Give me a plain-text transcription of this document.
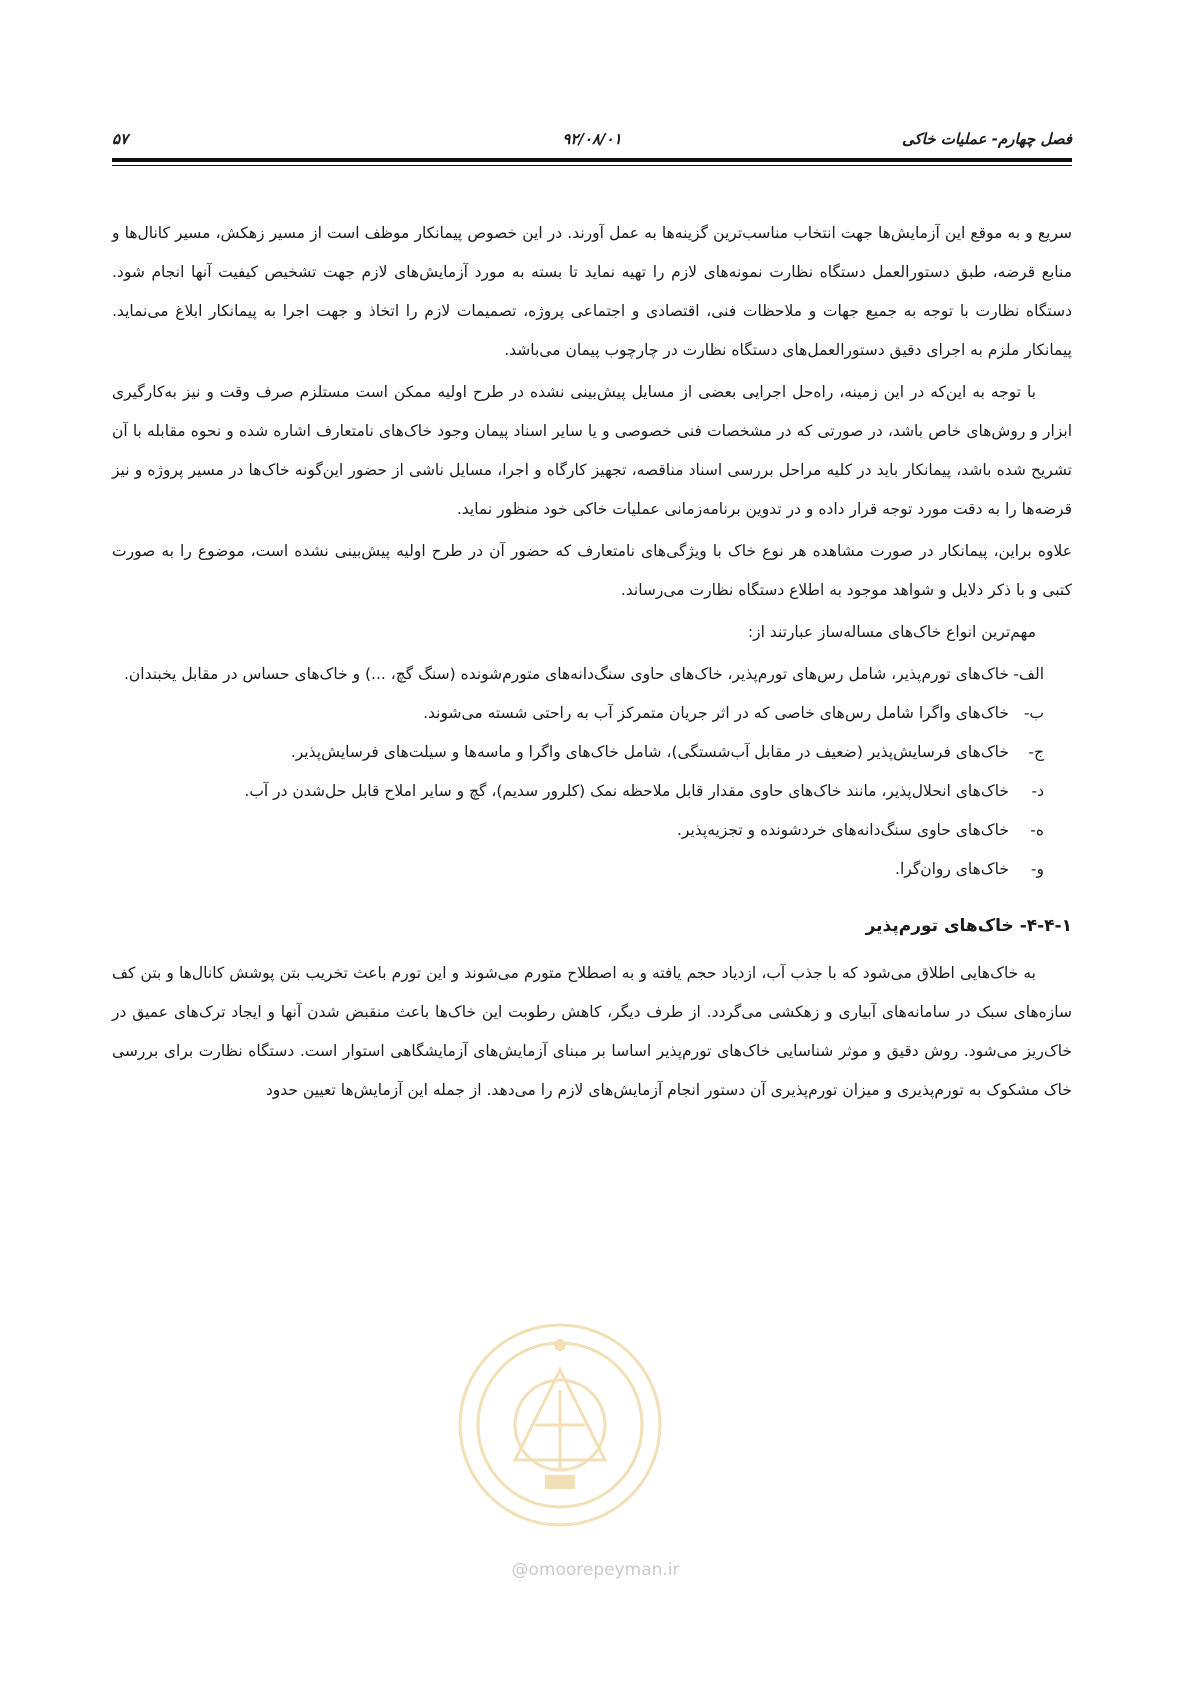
فصل چهارم- عملیات خاکی
۹۲/۰۸/۰۱
۵۷

سریع و به موقع این آزمایش‌ها جهت انتخاب مناسب‌ترین گزینه‌ها به عمل آورند. در این خصوص پیمانکار موظف است از مسیر زهکش، مسیر کانال‌ها و منابع قرضه، طبق دستورالعمل دستگاه نظارت نمونه‌های لازم را تهیه نماید تا بسته به مورد آزمایش‌های لازم جهت تشخیص کیفیت آنها انجام شود. دستگاه نظارت با توجه به جمیع جهات و ملاحظات فنی، اقتصادی و اجتماعی پروژه، تصمیمات لازم را اتخاذ و جهت اجرا به پیمانکار ابلاغ می‌نماید. پیمانکار ملزم به اجرای دقیق دستورالعمل‌های دستگاه نظارت در چارچوب پیمان می‌باشد.

با توجه به این‌که در این زمینه، راه‌حل اجرایی بعضی از مسایل پیش‌بینی نشده در طرح اولیه ممکن است مستلزم صرف وقت و نیز به‌کارگیری ابزار و روش‌های خاص باشد، در صورتی که در مشخصات فنی خصوصی و یا سایر اسناد پیمان وجود خاک‌های نامتعارف اشاره شده و نحوه مقابله با آن تشریح شده باشد، پیمانکار باید در کلیه مراحل بررسی اسناد مناقصه، تجهیز کارگاه و اجرا، مسایل ناشی از حضور این‌گونه خاک‌ها در مسیر پروژه و نیز قرضه‌ها را به دقت مورد توجه قرار داده و در تدوین برنامه‌زمانی عملیات خاکی خود منظور نماید.

علاوه براین، پیمانکار در صورت مشاهده هر نوع خاک با ویژگی‌های نامتعارف که حضور آن در طرح اولیه پیش‌بینی نشده است، موضوع را به صورت کتبی و با ذکر دلایل و شواهد موجود به اطلاع دستگاه نظارت می‌رساند.

مهم‌ترین انواع خاک‌های مساله‌ساز عبارتند از:

الف-
خاک‌های تورم‌پذیر، شامل رس‌های تورم‌پذیر، خاک‌های حاوی سنگ‌دانه‌های متورم‌شونده (سنگ گچ، ...) و خاک‌های حساس در مقابل یخبندان.
ب-
خاک‌های واگرا شامل رس‌های خاصی که در اثر جریان متمرکز آب به راحتی شسته می‌شوند.
ج-
خاک‌های فرسایش‌پذیر (ضعیف در مقابل آب‌شستگی)، شامل خاک‌های واگرا و ماسه‌ها و سیلت‌های فرسایش‌پذیر.
د-
خاک‌های انحلال‌پذیر، مانند خاک‌های حاوی مقدار قابل ملاحظه نمک (کلرور سدیم)، گچ و سایر املاح قابل حل‌شدن در آب.
ه-
خاک‌های حاوی سنگ‌دانه‌های خردشونده و تجزیه‌پذیر.
و-
خاک‌های روان‌گرا.
۴-۴-۱- خاک‌های تورم‌پذیر

به خاک‌هایی اطلاق می‌شود که با جذب آب، ازدیاد حجم یافته و به اصطلاح متورم می‌شوند و این تورم باعث تخریب بتن پوشش کانال‌ها و بتن کف سازه‌های سبک در سامانه‌های آبیاری و زهکشی می‌گردد. از طرف دیگر، کاهش رطوبت این خاک‌ها باعث منقبض شدن آنها و ایجاد ترک‌های عمیق در خاک‌ریز می‌شود. روش دقیق و موثر شناسایی خاک‌های تورم‌پذیر اساسا بر مبنای آزمایش‌های آزمایشگاهی استوار است. دستگاه نظارت برای بررسی خاک مشکوک به تورم‌پذیری و میزان تورم‌پذیری آن دستور انجام آزمایش‌های لازم را می‌دهد. از جمله این آزمایش‌ها تعیین حدود

@omoorepeyman.ir
